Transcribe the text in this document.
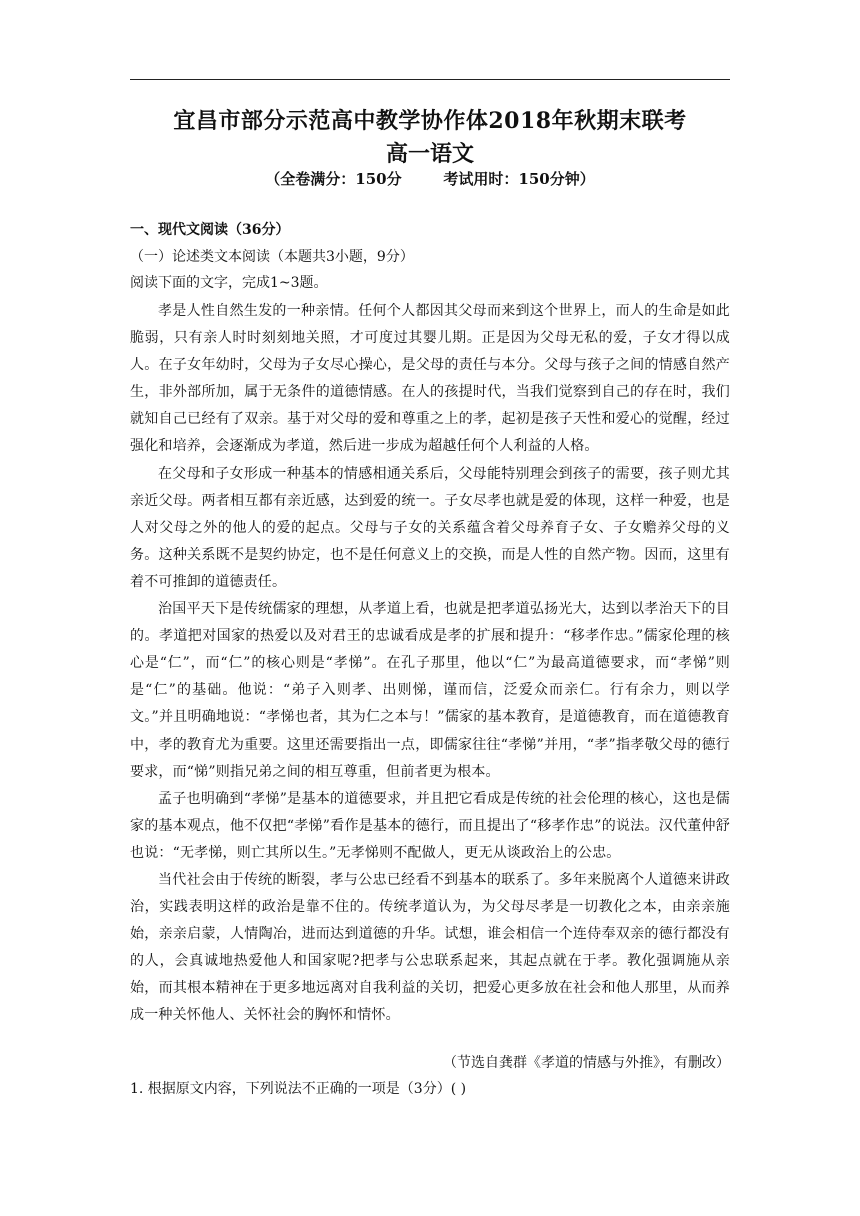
宜昌市部分示范高中教学协作体2018年秋期末联考
高一语文
（全卷满分：150分        考试用时：150分钟）
一、现代文阅读（36分）
（一）论述类文本阅读（本题共3小题，9分）
阅读下面的文字，完成1~3题。

孝是人性自然生发的一种亲情。任何个人都因其父母而来到这个世界上，而人的生命是如此脆弱，只有亲人时时刻刻地关照，才可度过其婴儿期。正是因为父母无私的爱，子女才得以成人。在子女年幼时，父母为子女尽心操心，是父母的责任与本分。父母与孩子之间的情感自然产生，非外部所加，属于无条件的道德情感。在人的孩提时代，当我们觉察到自己的存在时，我们就知自己已经有了双亲。基于对父母的爱和尊重之上的孝，起初是孩子天性和爱心的觉醒，经过强化和培养，会逐渐成为孝道，然后进一步成为超越任何个人利益的人格。

在父母和子女形成一种基本的情感相通关系后，父母能特别理会到孩子的需要，孩子则尤其亲近父母。两者相互都有亲近感，达到爱的统一。子女尽孝也就是爱的体现，这样一种爱，也是人对父母之外的他人的爱的起点。父母与子女的关系蕴含着父母养育子女、子女赡养父母的义务。这种关系既不是契约协定，也不是任何意义上的交换，而是人性的自然产物。因而，这里有着不可推卸的道德责任。

治国平天下是传统儒家的理想，从孝道上看，也就是把孝道弘扬光大，达到以孝治天下的目的。孝道把对国家的热爱以及对君王的忠诚看成是孝的扩展和提升：“移孝作忠。”儒家伦理的核心是“仁”，而“仁”的核心则是“孝悌”。在孔子那里，他以“仁”为最高道德要求，而“孝悌”则是“仁”的基础。他说：“弟子入则孝、出则悌，谨而信，泛爱众而亲仁。行有余力，则以学文。”并且明确地说：“孝悌也者，其为仁之本与！”儒家的基本教育，是道德教育，而在道德教育中，孝的教育尤为重要。这里还需要指出一点，即儒家往往“孝悌”并用，“孝”指孝敬父母的德行要求，而“悌”则指兄弟之间的相互尊重，但前者更为根本。

孟子也明确到“孝悌”是基本的道德要求，并且把它看成是传统的社会伦理的核心，这也是儒家的基本观点，他不仅把“孝悌”看作是基本的德行，而且提出了“移孝作忠”的说法。汉代董仲舒也说：“无孝悌，则亡其所以生。”无孝悌则不配做人，更无从谈政治上的公忠。

当代社会由于传统的断裂，孝与公忠已经看不到基本的联系了。多年来脱离个人道德来讲政治，实践表明这样的政治是靠不住的。传统孝道认为，为父母尽孝是一切教化之本，由亲亲施始，亲亲启蒙，人情陶冶，进而达到道德的升华。试想，谁会相信一个连侍奉双亲的德行都没有的人，会真诚地热爱他人和国家呢?把孝与公忠联系起来，其起点就在于孝。教化强调施从亲始，而其根本精神在于更多地远离对自我利益的关切，把爱心更多放在社会和他人那里，从而养成一种关怀他人、关怀社会的胸怀和情怀。

（节选自龚群《孝道的情感与外推》，有删改）
1. 根据原文内容，下列说法不正确的一项是（3分）( )
